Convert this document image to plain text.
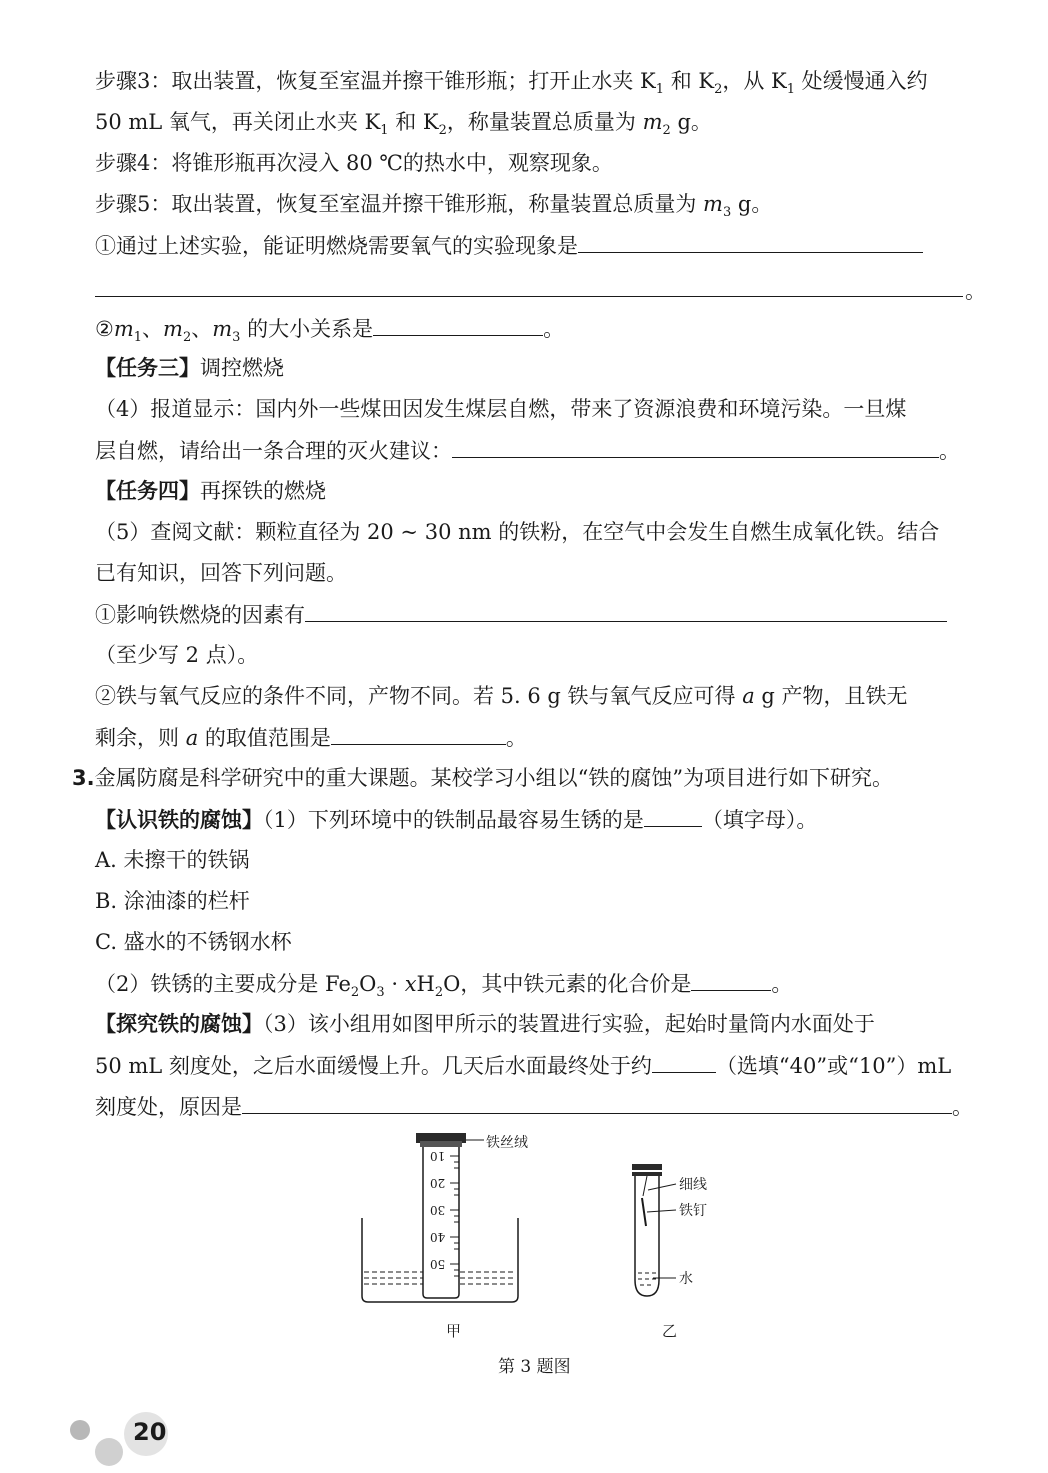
步骤3：取出装置，恢复至室温并擦干锥形瓶；打开止水夹 $K_1$ 和 $K_2$，从 $K_1$ 处缓慢通入约
50 mL 氧气，再关闭止水夹 $K_1$ 和 $K_2$，称量装置总质量为 $m_2$ g。
步骤4：将锥形瓶再次浸入 80 ℃的热水中，观察现象。
步骤5：取出装置，恢复至室温并擦干锥形瓶，称量装置总质量为 $m_3$ g。
①通过上述实验，能证明燃烧需要氧气的实验现象是
。
$②m_1$、$m_2$、$m_3$ 的大小关系是	。
【任务三】调控燃烧
（4）报道显示：国内外一些煤田因发生煤层自燃，带来了资源浪费和环境污染。一旦煤
层自燃，请给出一条合理的灭火建议：	。
【任务四】再探铁的燃烧
（5）查阅文献：颗粒直径为 20 ~ 30 nm 的铁粉，在空气中会发生自燃生成氧化铁。结合
已有知识，回答下列问题。
①影响铁燃烧的因素有
（至少写 2 点）。
②铁与氧气反应的条件不同，产物不同。若 5. 6 g 铁与氧气反应可得 a g 产物，且铁无
剩余，则 a 的取值范围是	。
3.金属防腐是科学研究中的重大课题。某校学习小组以“铁的腐蚀”为项目进行如下研究。
【认识铁的腐蚀】（1）下列环境中的铁制品最容易生锈的是	（填字母）。
A. 未擦干的铁锅
B. 涂油漆的栏杆
C. 盛水的不锈钢水杯
（2）铁锈的主要成分是 $Fe_2O_3 \cdot xH_2O$，其中铁元素的化合价是	。
【探究铁的腐蚀】（3）该小组用如图甲所示的装置进行实验，起始时量筒内水面处于
50 mL 刻度处，之后水面缓慢上升。几天后水面最终处于约	（选填“40”或“10”）mL
刻度处，原因是	。
10
20
30
40
50
铁丝绒
细线
铁钉
水
甲	乙
第 3 题图
20
